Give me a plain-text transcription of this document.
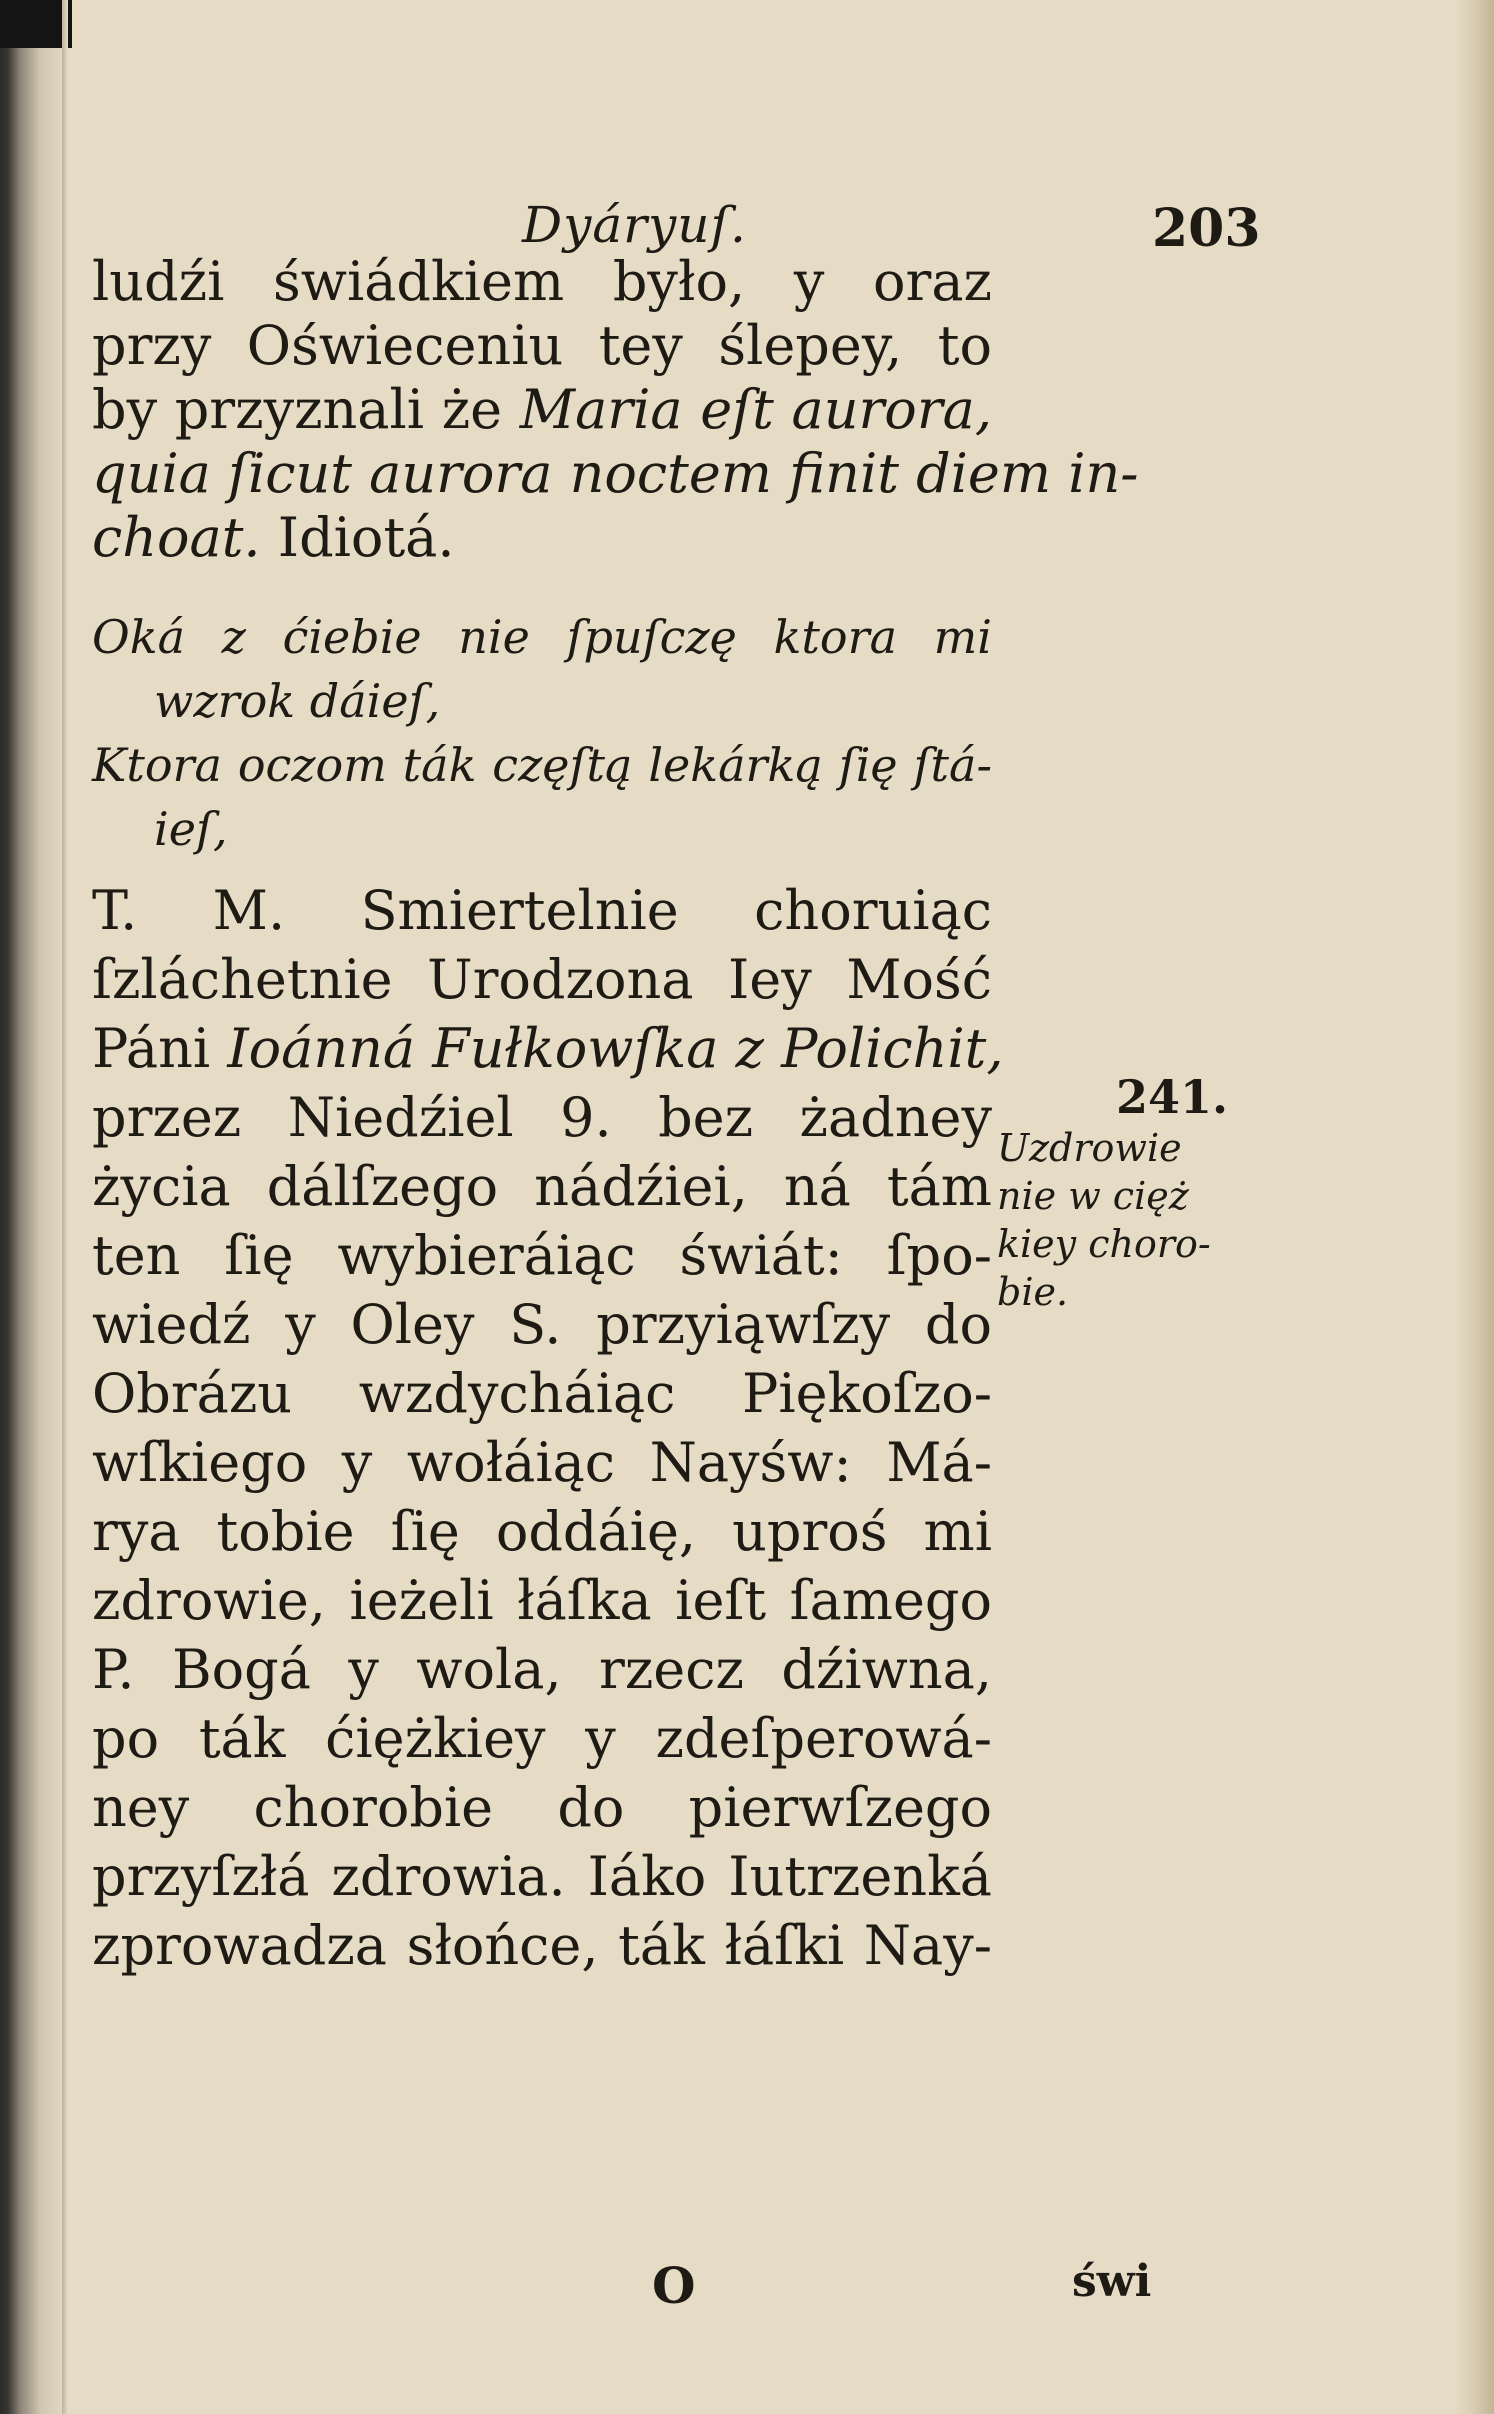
Dyáryuſ.	203
ludźi świádkiem było, y oraz
przy Oświeceniu tey ślepey, to
by przyznali że Maria eſt aurora,
quia ſicut aurora noctem finit diem in-
choat. Idiotá.
Oká z ćiebie nie ſpuſczę ktora mi
wzrok dáieſ,
Ktora oczom ták częſtą lekárką ſię ſtá-
ieſ,
T. M. Smiertelnie choruiąc
ſzláchetnie Urodzona Iey Mość
Páni Ioánná Fułkowſka z Polichit,
przez Niedźiel 9. bez żadney
życia dálſzego nádźiei, ná tám
ten ſię wybieráiąc świát: ſpo-
wiedź y Oley S. przyiąwſzy do
Obrázu wzdycháiąc Piękoſzo-
wſkiego y wołáiąc Nayśw: Má-
rya tobie ſię oddáię, uproś mi
zdrowie, ieżeli łáſka ieſt ſamego
P. Bogá y wola, rzecz dźiwna,
po ták ćiężkiey y zdeſperowá-
ney chorobie do pierwſzego
przyſzłá zdrowia. Iáko Iutrzenká
zprowadza słońce, ták łáſki Nay-
241.
Uzdrowie
nie w cięż
kiey choro-
bie.
O	świ
